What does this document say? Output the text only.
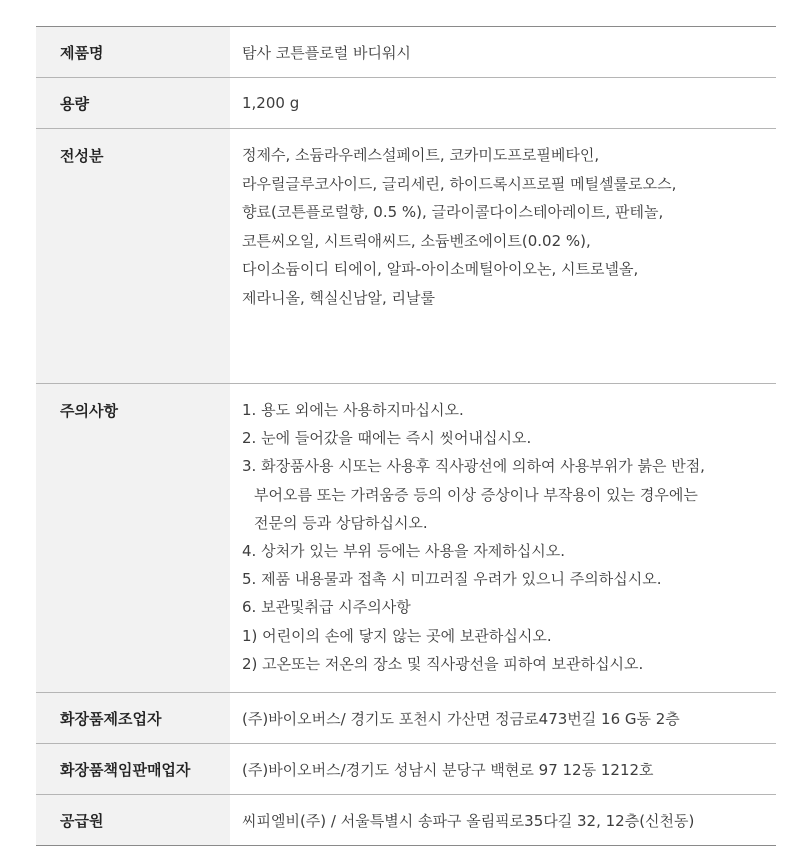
제품명	탐사 코튼플로럴 바디워시
용량	1,200 g
전성분	정제수, 소듐라우레스설페이트, 코카미도프로필베타인,
라우릴글루코사이드, 글리세린, 하이드록시프로필 메틸셀룰로오스,
향료(코튼플로럴향, 0.5 %), 글라이콜다이스테아레이트, 판테놀,
코튼씨오일, 시트릭애씨드, 소듐벤조에이트(0.02 %),
다이소듐이디 티에이, 알파-아이소메틸아이오논, 시트로넬올,
제라니올, 헥실신남알, 리날룰
주의사항	1. 용도 외에는 사용하지마십시오.
2. 눈에 들어갔을 때에는 즉시 씻어내십시오.
3. 화장품사용 시또는 사용후 직사광선에 의하여 사용부위가 붉은 반점,
부어오름 또는 가려움증 등의 이상 증상이나 부작용이 있는 경우에는
전문의 등과 상담하십시오.
4. 상처가 있는 부위 등에는 사용을 자제하십시오.
5. 제품 내용물과 접촉 시 미끄러질 우려가 있으니 주의하십시오.
6. 보관및취급 시주의사항
1) 어린이의 손에 닿지 않는 곳에 보관하십시오.
2) 고온또는 저온의 장소 및 직사광선을 피하여 보관하십시오.
화장품제조업자	(주)바이오버스/ 경기도 포천시 가산면 정금로473번길 16 G동 2층
화장품책임판매업자	(주)바이오버스/경기도 성남시 분당구 백현로 97 12동 1212호
공급원	씨피엘비(주) / 서울특별시 송파구 올림픽로35다길 32, 12층(신천동)
